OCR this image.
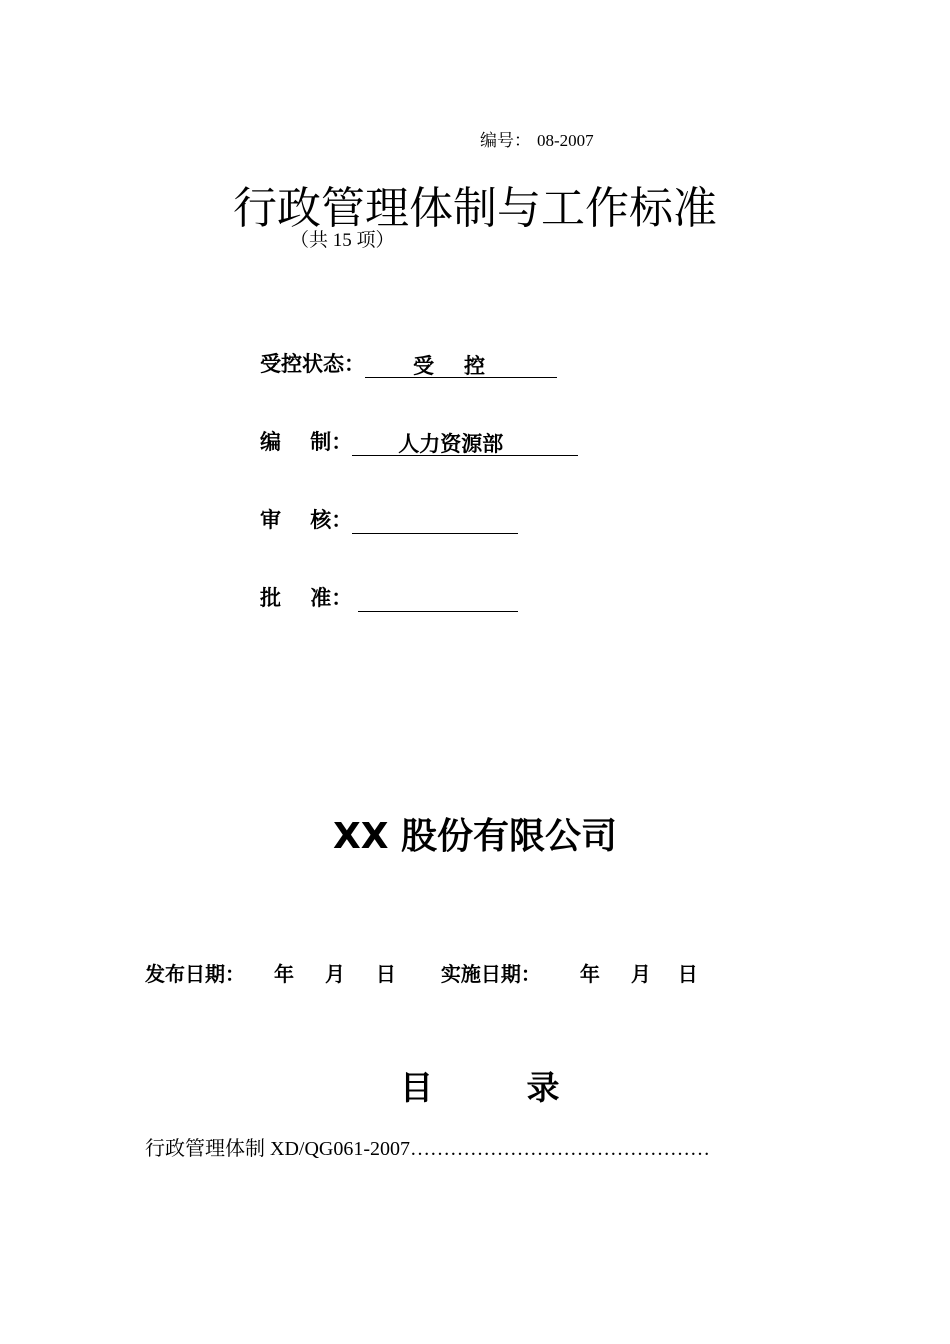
编号： 08-2007
行政管理体制与工作标准
（共 15 项）
受控状态：	受控
编    制：	人力资源部
审    核：
批    准：
XX 股份有限公司
发布日期： 年 月 日 实施日期： 年 月 日
目	录
行政管理体制 XD/QG061-2007………………………………………
